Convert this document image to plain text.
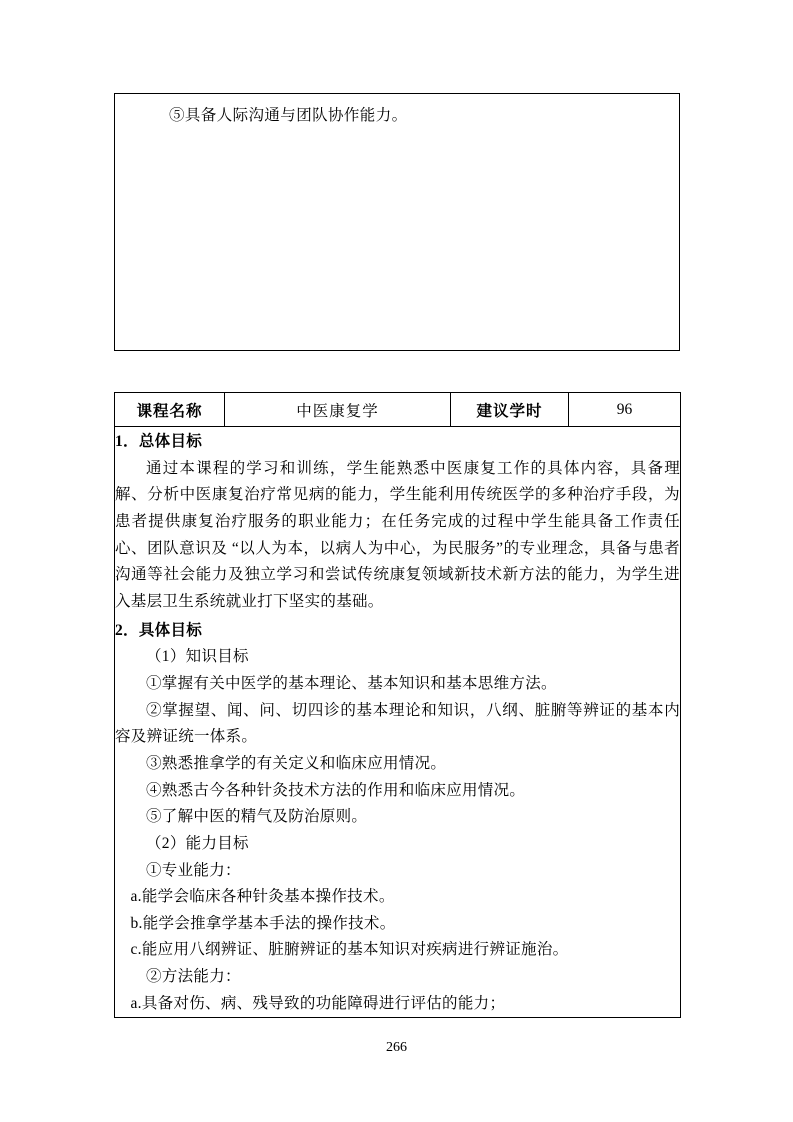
⑤具备人际沟通与团队协作能力。
课程名称	中医康复学	建议学时	96

1．总体目标
通过本课程的学习和训练，学生能熟悉中医康复工作的具体内容，具备理解、分析中医康复治疗常见病的能力，学生能利用传统医学的多种治疗手段，为患者提供康复治疗服务的职业能力；在任务完成的过程中学生能具备工作责任心、团队意识及 “以人为本，以病人为中心，为民服务”的专业理念，具备与患者沟通等社会能力及独立学习和尝试传统康复领域新技术新方法的能力，为学生进入基层卫生系统就业打下坚实的基础。
2．具体目标
（1）知识目标
①掌握有关中医学的基本理论、基本知识和基本思维方法。
②掌握望、闻、问、切四诊的基本理论和知识，八纲、脏腑等辨证的基本内容及辨证统一体系。
③熟悉推拿学的有关定义和临床应用情况。
④熟悉古今各种针灸技术方法的作用和临床应用情况。
⑤了解中医的精气及防治原则。
（2）能力目标
①专业能力：
a.能学会临床各种针灸基本操作技术。
b.能学会推拿学基本手法的操作技术。
c.能应用八纲辨证、脏腑辨证的基本知识对疾病进行辨证施治。
②方法能力：
a.具备对伤、病、残导致的功能障碍进行评估的能力；
266
